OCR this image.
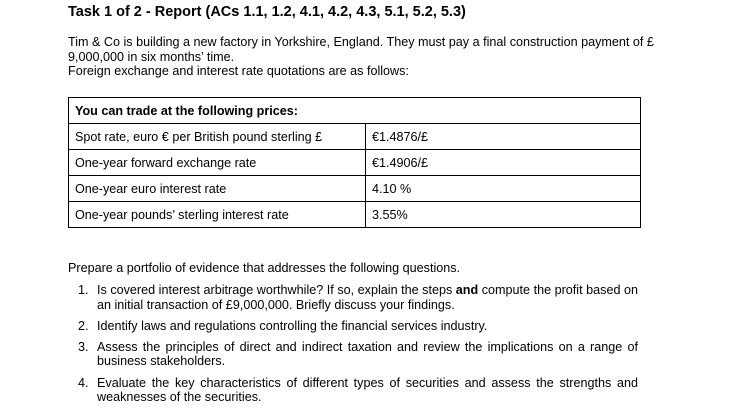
Task 1 of 2 - Report (ACs 1.1, 1.2, 4.1, 4.2, 4.3, 5.1, 5.2, 5.3)

Tim & Co is building a new factory in Yorkshire, England. They must pay a final construction payment of £ 9,000,000 in six months’ time.

Foreign exchange and interest rate quotations are as follows:

You can trade at the following prices:	
Spot rate, euro € per British pound sterling £	€1.4876/£
One-year forward exchange rate	€1.4906/£
One-year euro interest rate	4.10 %
One-year pounds’ sterling interest rate	3.55%
Prepare a portfolio of evidence that addresses the following questions.
1. Is covered interest arbitrage worthwhile? If so, explain the steps and compute the profit based on an initial transaction of £9,000,000. Briefly discuss your findings.
2. Identify laws and regulations controlling the financial services industry.
3. Assess the principles of direct and indirect taxation and review the implications on a range of business stakeholders.
4. Evaluate the key characteristics of different types of securities and assess the strengths and weaknesses of the securities.
